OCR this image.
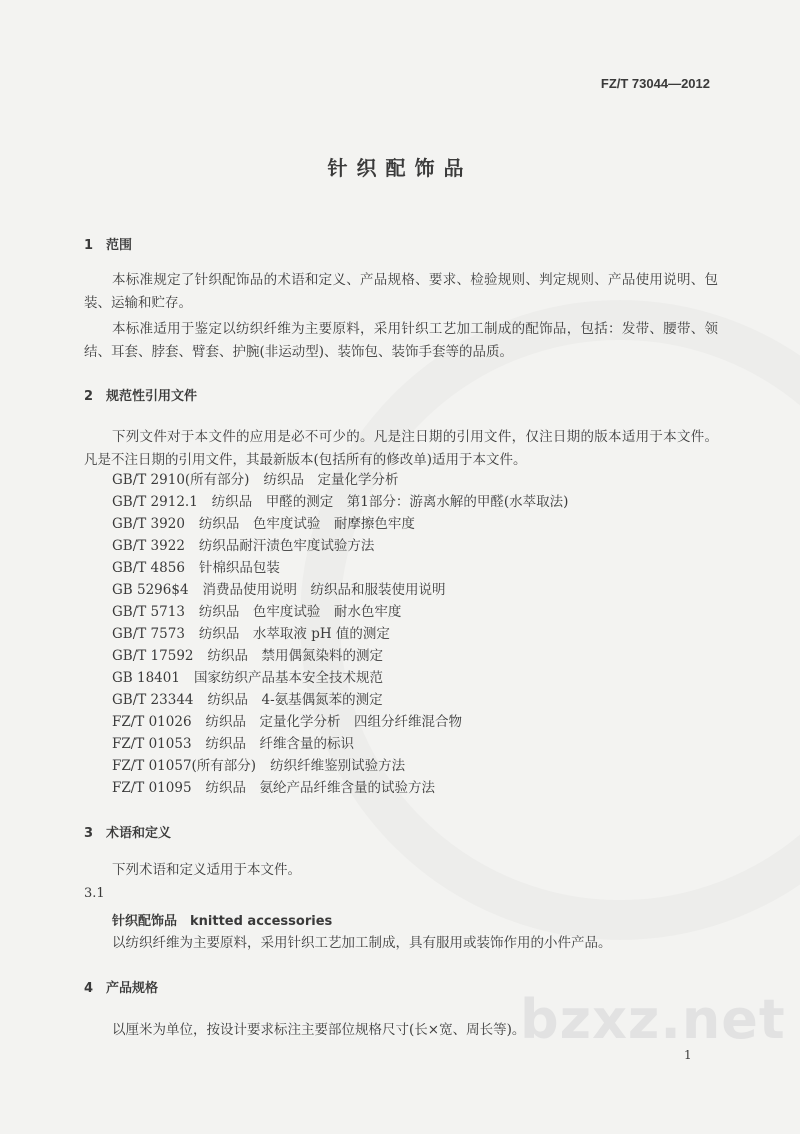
FZ/T 73044—2012
针织配饰品
1 范围
本标准规定了针织配饰品的术语和定义、产品规格、要求、检验规则、判定规则、产品使用说明、包装、运输和贮存。
本标准适用于鉴定以纺织纤维为主要原料，采用针织工艺加工制成的配饰品，包括：发带、腰带、领结、耳套、脖套、臂套、护腕(非运动型)、装饰包、装饰手套等的品质。
2 规范性引用文件
下列文件对于本文件的应用是必不可少的。凡是注日期的引用文件，仅注日期的版本适用于本文件。凡是不注日期的引用文件，其最新版本(包括所有的修改单)适用于本文件。
GB/T 2910(所有部分) 纺织品　定量化学分析
GB/T 2912.1 纺织品　甲醛的测定　第1部分：游离水解的甲醛(水萃取法)
GB/T 3920 纺织品　色牢度试验　耐摩擦色牢度
GB/T 3922 纺织品耐汗渍色牢度试验方法
GB/T 4856 针棉织品包装
GB 5296$4 消费品使用说明　纺织品和服装使用说明
GB/T 5713 纺织品　色牢度试验　耐水色牢度
GB/T 7573 纺织品　水萃取液 pH 值的测定
GB/T 17592 纺织品　禁用偶氮染料的测定
GB 18401 国家纺织产品基本安全技术规范
GB/T 23344 纺织品　4-氨基偶氮苯的测定
FZ/T 01026 纺织品　定量化学分析　四组分纤维混合物
FZ/T 01053 纺织品　纤维含量的标识
FZ/T 01057(所有部分) 纺织纤维鉴别试验方法
FZ/T 01095 纺织品　氨纶产品纤维含量的试验方法
3 术语和定义
下列术语和定义适用于本文件。
3.1
针织配饰品　knitted accessories
以纺织纤维为主要原料，采用针织工艺加工制成，具有服用或装饰作用的小件产品。
4 产品规格	bzxz.net
以厘米为单位，按设计要求标注主要部位规格尺寸(长×宽、周长等)。
1
